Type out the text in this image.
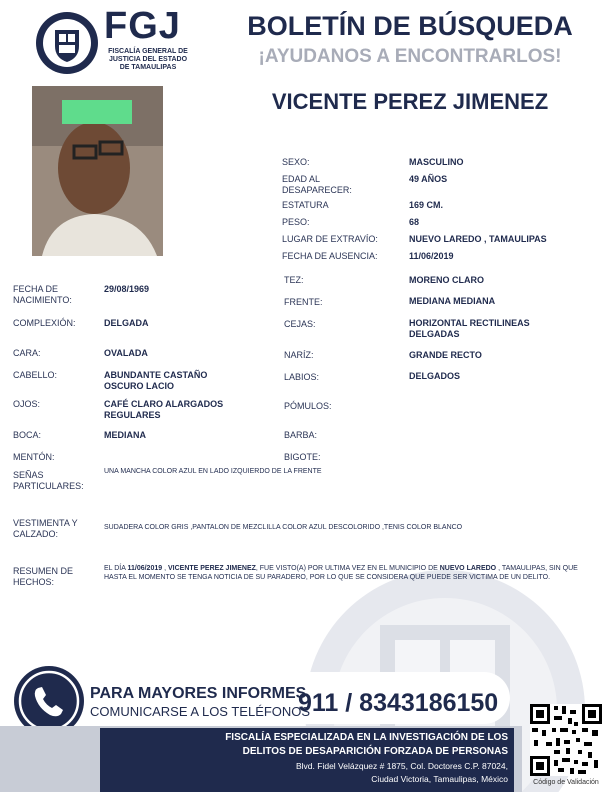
FGJ
FISCALÍA GENERAL DE
JUSTICIA DEL ESTADO
DE TAMAULIPAS
BOLETÍN DE BÚSQUEDA
¡AYUDANOS A ENCONTRARLOS!
VICENTE PEREZ JIMENEZ
SEXO:	MASCULINO
EDAD AL DESAPARECER:
49 AÑOS
ESTATURA	169 CM.
PESO:	68
LUGAR DE EXTRAVÍO:	NUEVO LAREDO , TAMAULIPAS
FECHA DE AUSENCIA:	11/06/2019
FECHA DE NACIMIENTO:
29/08/1969
COMPLEXIÓN:	DELGADA
CARA:	OVALADA
CABELLO:	ABUNDANTE CASTAÑO OSCURO LACIO
OJOS:	CAFÉ CLARO ALARGADOS REGULARES
BOCA:	MEDIANA
MENTÓN:
TEZ:	MORENO CLARO
FRENTE:	MEDIANA MEDIANA
CEJAS:	HORIZONTAL RECTILINEAS DELGADAS
NARÍZ:	GRANDE RECTO
LABIOS:	DELGADOS
PÓMULOS:
BARBA:
BIGOTE:
SEÑAS PARTICULARES:
UNA MANCHA COLOR AZUL EN LADO IZQUIERDO DE LA FRENTE
VESTIMENTA Y CALZADO:
SUDADERA COLOR GRIS ,PANTALON DE MEZCLILLA COLOR AZUL DESCOLORIDO ,TENIS COLOR BLANCO
RESUMEN DE HECHOS:
EL DÍA 11/06/2019 , VICENTE PEREZ JIMENEZ, FUE VISTO(A) POR ULTIMA VEZ EN EL MUNICIPIO DE NUEVO LAREDO , TAMAULIPAS, SIN QUE HASTA EL MOMENTO SE TENGA NOTICIA DE SU PARADERO, POR LO QUE SE CONSIDERA QUE PUEDE SER VICTIMA DE UN DELITO.
PARA MAYORES INFORMES,
COMUNICARSE A LOS TELÉFONOS
911 / 8343186150
FISCALÍA ESPECIALIZADA EN LA INVESTIGACIÓN DE LOS
DELITOS DE DESAPARICIÓN FORZADA DE PERSONAS
Blvd. Fidel Velázquez # 1875, Col. Doctores C.P. 87024,
Ciudad Victoria, Tamaulipas, México	Código de Validación
